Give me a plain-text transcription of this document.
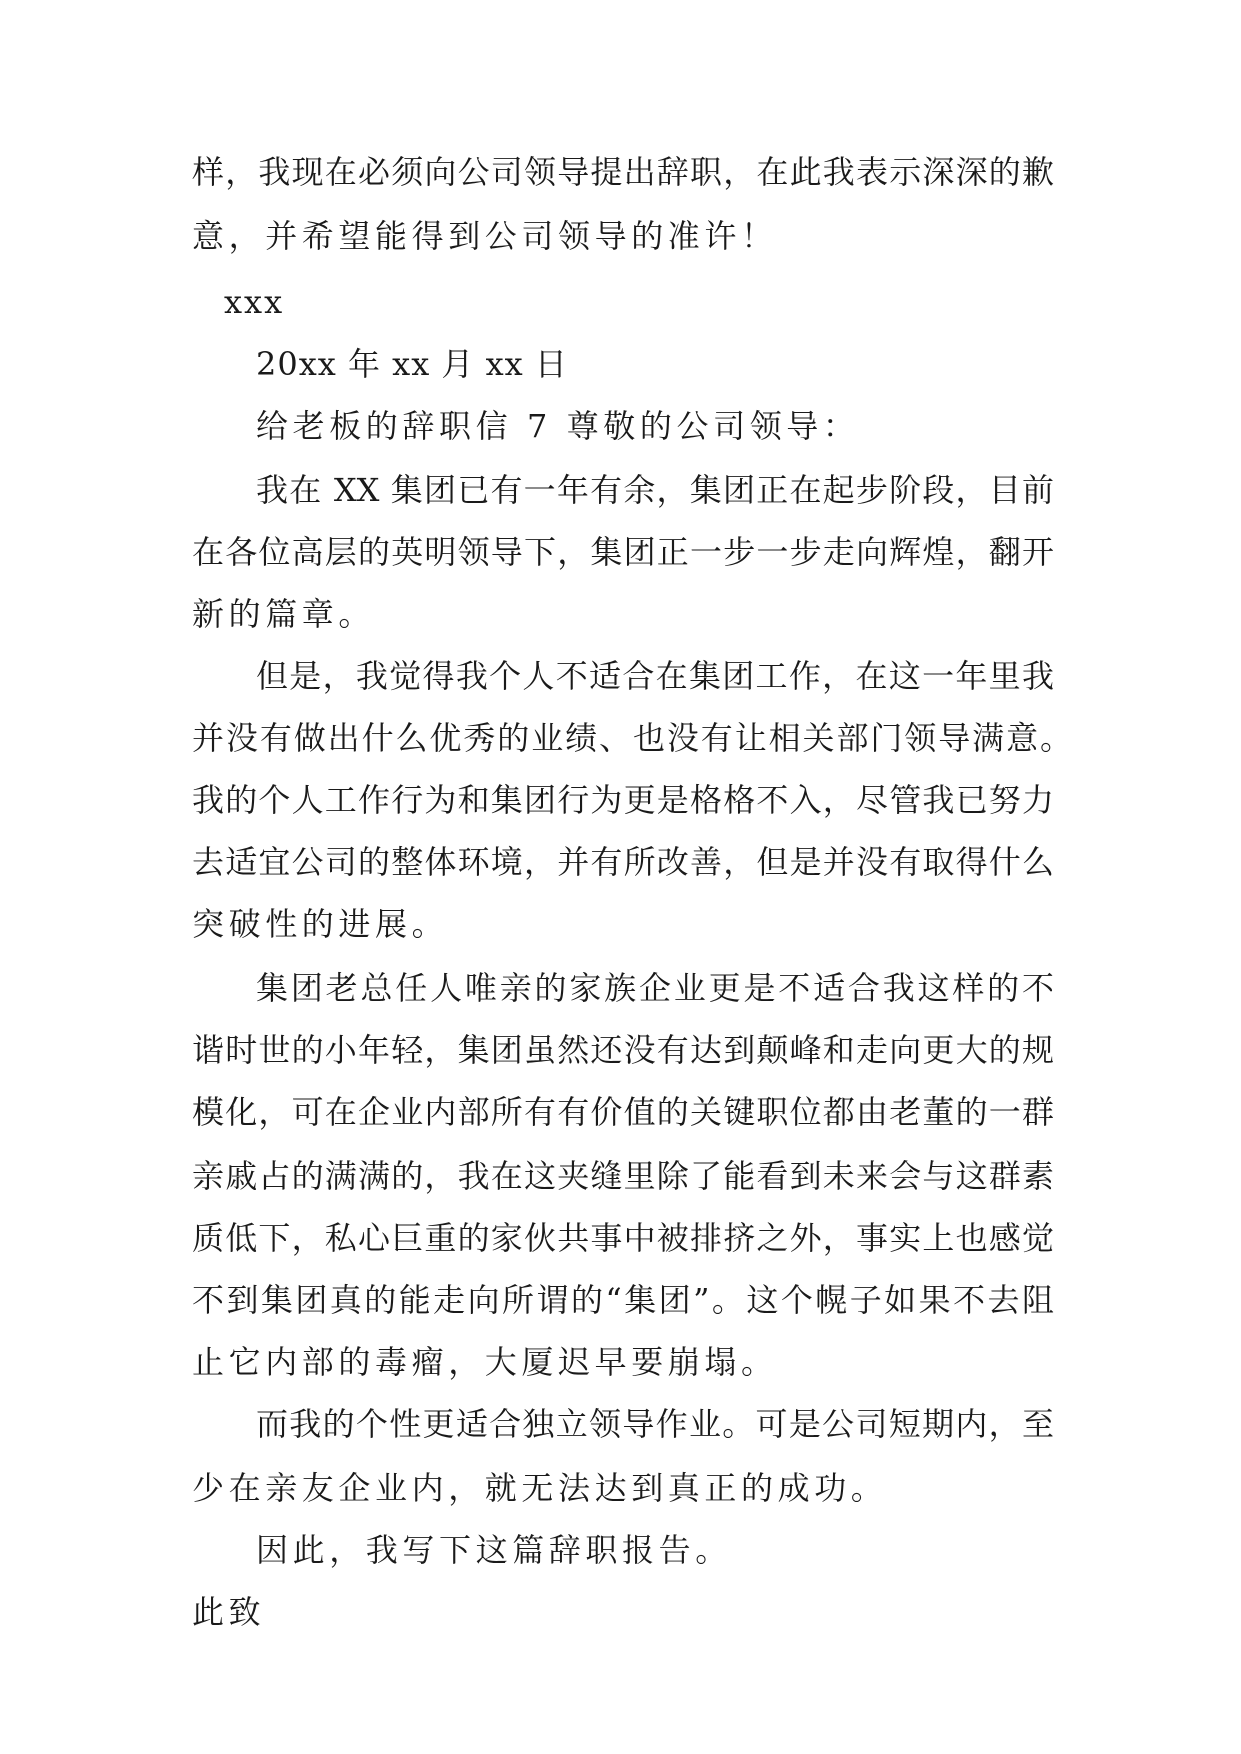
样，我现在必须向公司领导提出辞职，在此我表示深深的歉
意，并希望能得到公司领导的准许！
xxx
20xx 年 xx 月 xx 日
给老板的辞职信 7 尊敬的公司领导：
我在 XX 集团已有一年有余，集团正在起步阶段，目前
在各位高层的英明领导下，集团正一步一步走向辉煌，翻开
新的篇章。
但是，我觉得我个人不适合在集团工作，在这一年里我
并没有做出什么优秀的业绩、也没有让相关部门领导满意。
我的个人工作行为和集团行为更是格格不入，尽管我已努力
去适宜公司的整体环境，并有所改善，但是并没有取得什么
突破性的进展。
集团老总任人唯亲的家族企业更是不适合我这样的不
谐时世的小年轻，集团虽然还没有达到颠峰和走向更大的规
模化，可在企业内部所有有价值的关键职位都由老董的一群
亲戚占的满满的，我在这夹缝里除了能看到未来会与这群素
质低下，私心巨重的家伙共事中被排挤之外，事实上也感觉
不到集团真的能走向所谓的“集团”。这个幌子如果不去阻
止它内部的毒瘤，大厦迟早要崩塌。
而我的个性更适合独立领导作业。可是公司短期内，至
少在亲友企业内，就无法达到真正的成功。
因此，我写下这篇辞职报告。
此致
